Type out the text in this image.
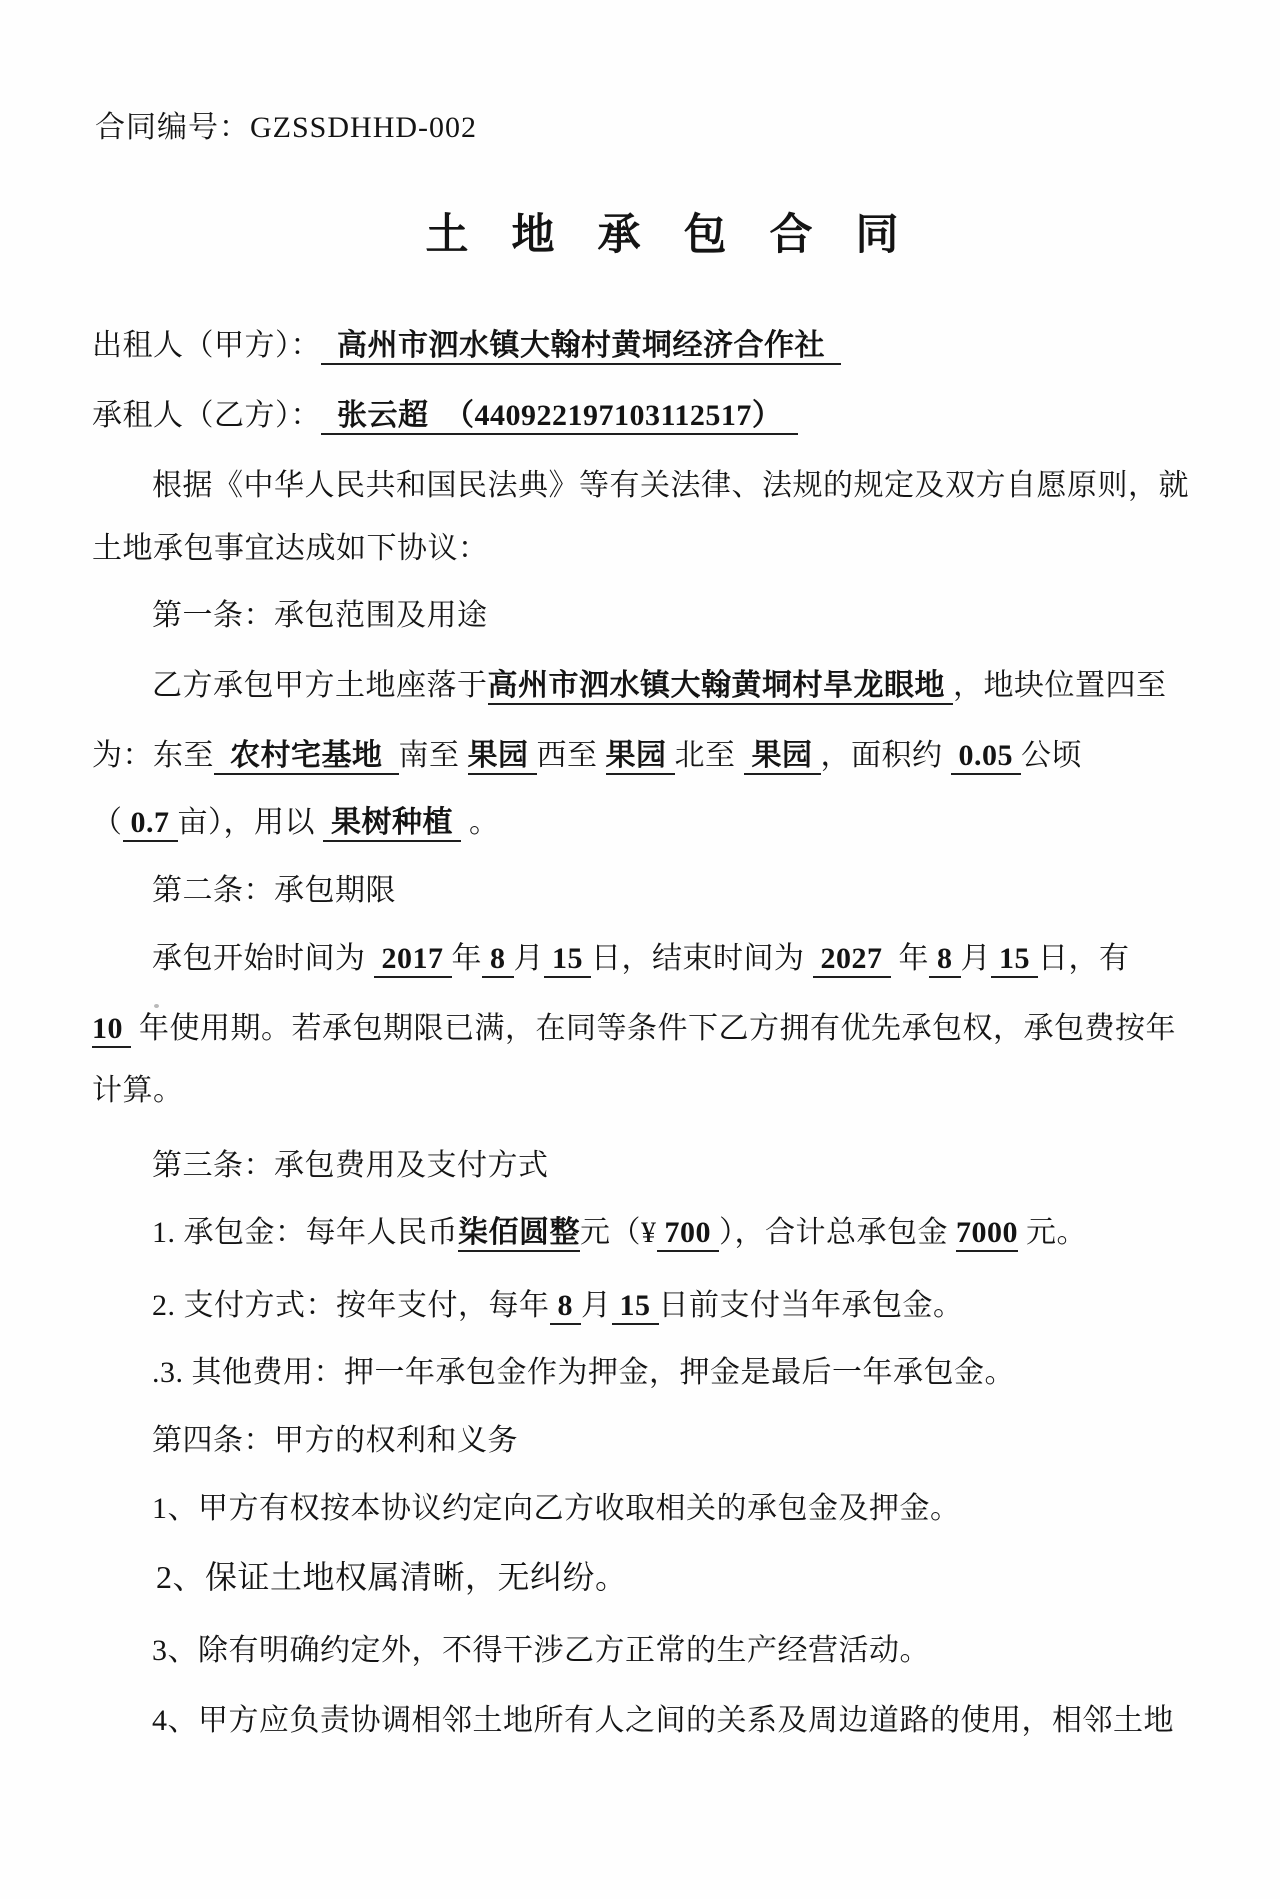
合同编号：GZSSDHHD-002
土地承包合同
出租人（甲方）：  高州市泗水镇大翰村黄垌经济合作社
承租人（乙方）：  张云超　（440922197103112517）
根据《中华人民共和国民法典》等有关法律、法规的规定及双方自愿原则，就
土地承包事宜达成如下协议：
第一条：承包范围及用途
乙方承包甲方土地座落于高州市泗水镇大翰黄垌村旱龙眼地 ，地块位置四至
为：东至  农村宅基地  南至 果园 西至 果园 北至  果园 ，面积约  0.05 公顷
（ 0.7 亩），用以  果树种植  。
第二条：承包期限
承包开始时间为  2017 年 8 月 15 日，结束时间为  2027  年 8 月 15 日，有
10  年使用期。若承包期限已满，在同等条件下乙方拥有优先承包权，承包费按年
计算。
第三条：承包费用及支付方式
1. 承包金：每年人民币柒佰圆整元（¥ 700 ），合计总承包金 7000 元。
2. 支付方式：按年支付，每年 8 月 15 日前支付当年承包金。
.3. 其他费用：押一年承包金作为押金，押金是最后一年承包金。
第四条：甲方的权利和义务
1、甲方有权按本协议约定向乙方收取相关的承包金及押金。
2、保证土地权属清晰，无纠纷。
3、除有明确约定外，不得干涉乙方正常的生产经营活动。
4、甲方应负责协调相邻土地所有人之间的关系及周边道路的使用，相邻土地
